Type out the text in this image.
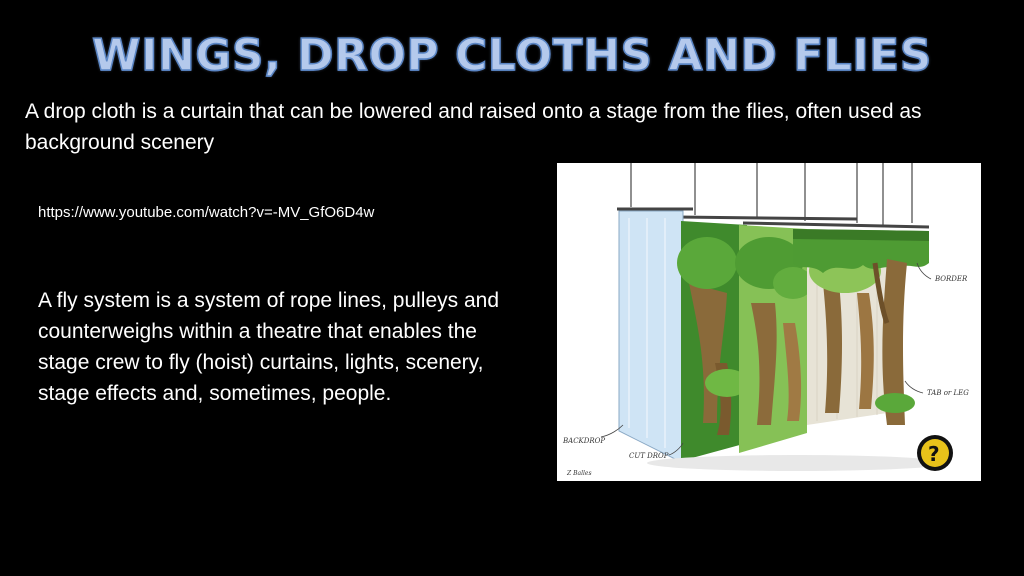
WINGS, DROP CLOTHS AND FLIES
A drop cloth is a curtain that can be lowered and raised onto a stage from the flies, often used as background scenery
https://www.youtube.com/watch?v=-MV_GfO6D4w
A fly system is a system of rope lines, pulleys and counterweighs within a theatre that enables the stage crew to fly (hoist) curtains, lights, scenery, stage effects and, sometimes, people.
BORDER
TAB or LEG
BACKDROP
CUT DROP
Z Balles
?
